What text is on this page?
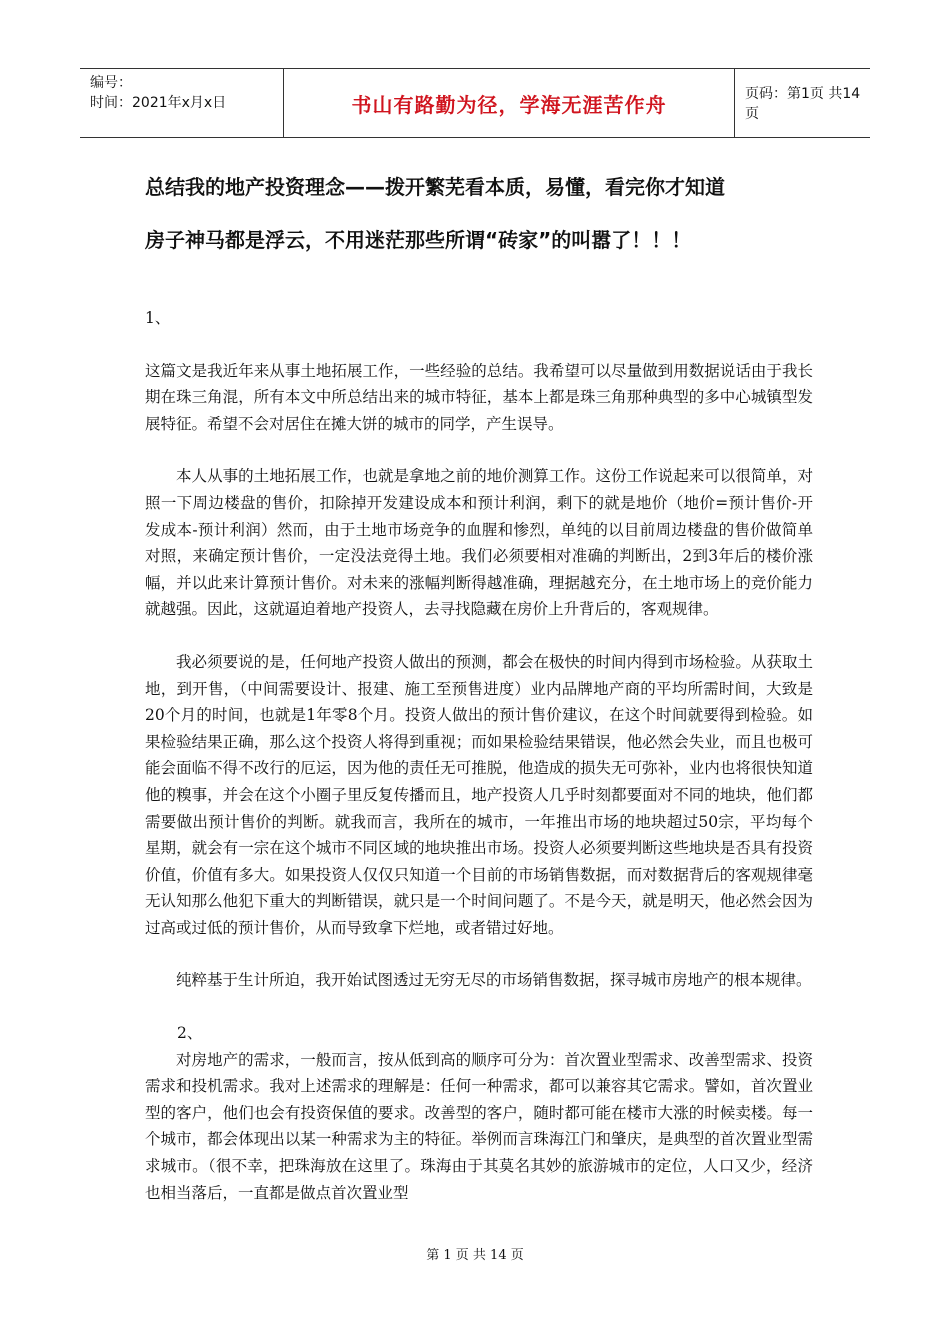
编号：
时间：2021年x月x日	书山有路勤为径，学海无涯苦作舟	页码：第1页 共14页
总结我的地产投资理念——拨开繁芜看本质，易懂，看完你才知道
房子神马都是浮云，不用迷茫那些所谓“砖家”的叫嚣了！！！

1、

这篇文是我近年来从事土地拓展工作，一些经验的总结。我希望可以尽量做到用数据说话由于我长期在珠三角混，所有本文中所总结出来的城市特征，基本上都是珠三角那种典型的多中心城镇型发展特征。希望不会对居住在摊大饼的城市的同学，产生误导。

本人从事的土地拓展工作，也就是拿地之前的地价测算工作。这份工作说起来可以很简单，对照一下周边楼盘的售价，扣除掉开发建设成本和预计利润，剩下的就是地价（地价=预计售价-开发成本-预计利润）然而，由于土地市场竞争的血腥和惨烈，单纯的以目前周边楼盘的售价做简单对照，来确定预计售价，一定没法竞得土地。我们必须要相对准确的判断出，2到3年后的楼价涨幅，并以此来计算预计售价。对未来的涨幅判断得越准确，理据越充分，在土地市场上的竞价能力就越强。因此，这就逼迫着地产投资人，去寻找隐藏在房价上升背后的，客观规律。

我必须要说的是，任何地产投资人做出的预测，都会在极快的时间内得到市场检验。从获取土地，到开售，（中间需要设计、报建、施工至预售进度）业内品牌地产商的平均所需时间，大致是20个月的时间，也就是1年零8个月。投资人做出的预计售价建议，在这个时间就要得到检验。如果检验结果正确，那么这个投资人将得到重视；而如果检验结果错误，他必然会失业，而且也极可能会面临不得不改行的厄运，因为他的责任无可推脱，他造成的损失无可弥补，业内也将很快知道他的糗事，并会在这个小圈子里反复传播而且，地产投资人几乎时刻都要面对不同的地块，他们都需要做出预计售价的判断。就我而言，我所在的城市，一年推出市场的地块超过50宗，平均每个星期，就会有一宗在这个城市不同区域的地块推出市场。投资人必须要判断这些地块是否具有投资价值，价值有多大。如果投资人仅仅只知道一个目前的市场销售数据，而对数据背后的客观规律毫无认知那么他犯下重大的判断错误，就只是一个时间问题了。不是今天，就是明天，他必然会因为过高或过低的预计售价，从而导致拿下烂地，或者错过好地。

纯粹基于生计所迫，我开始试图透过无穷无尽的市场销售数据，探寻城市房地产的根本规律。

2、

对房地产的需求，一般而言，按从低到高的顺序可分为：首次置业型需求、改善型需求、投资需求和投机需求。我对上述需求的理解是：任何一种需求，都可以兼容其它需求。譬如，首次置业型的客户，他们也会有投资保值的要求。改善型的客户，随时都可能在楼市大涨的时候卖楼。每一个城市，都会体现出以某一种需求为主的特征。举例而言珠海江门和肇庆，是典型的首次置业型需求城市。（很不幸，把珠海放在这里了。珠海由于其莫名其妙的旅游城市的定位，人口又少，经济也相当落后，一直都是做点首次置业型

第 1 页 共 14 页
